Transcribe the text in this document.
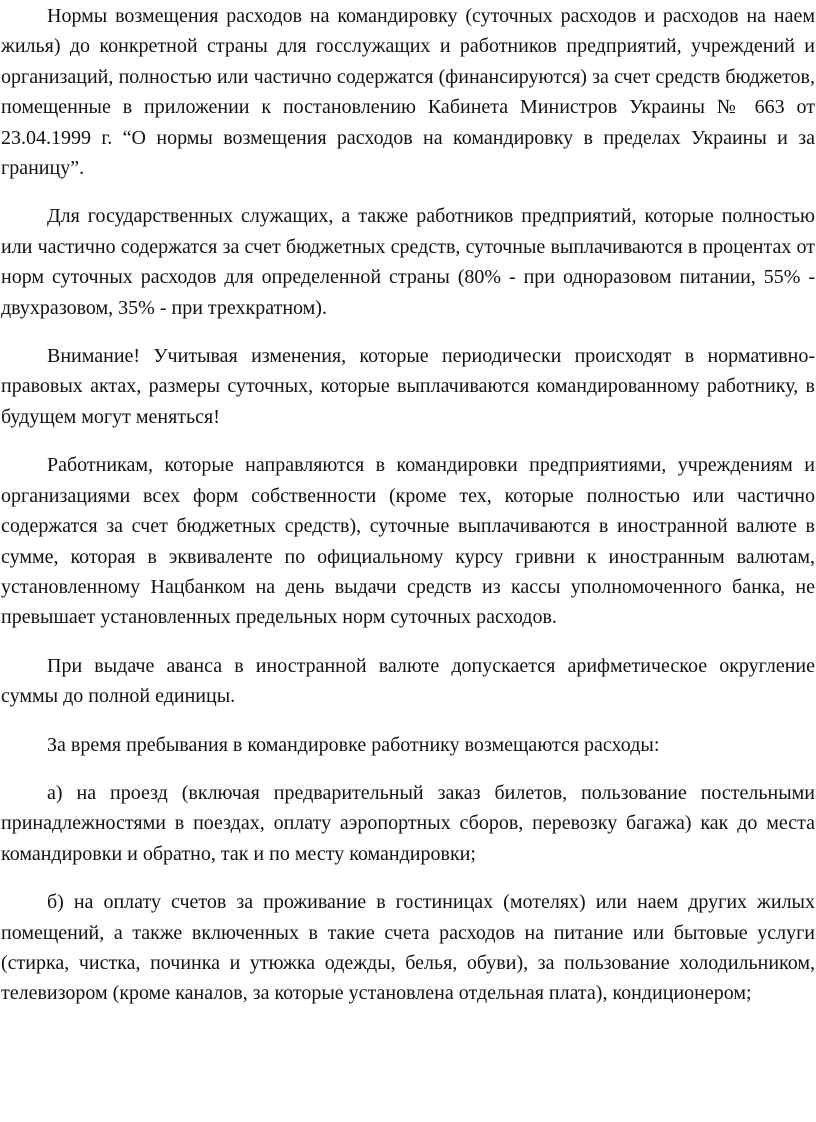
Нормы возмещения расходов на командировку (суточных расходов и расходов на наем жилья) до конкретной страны для госслужащих и работников предприятий, учреждений и организаций, полностью или частично содержатся (финансируются) за счет средств бюджетов, помещенные в приложении к постановлению Кабинета Министров Украины № 663 от 23.04.1999 г. “О нормы возмещения расходов на командировку в пределах Украины и за границу”.

Для государственных служащих, а также работников предприятий, которые полностью или частично содержатся за счет бюджетных средств, суточные выплачиваются в процентах от норм суточных расходов для определенной страны (80% - при одноразовом питании, 55% - двухразовом, 35% - при трехкратном).

Внимание! Учитывая изменения, которые периодически происходят в нормативно-правовых актах, размеры суточных, которые выплачиваются командированному работнику, в будущем могут меняться!

Работникам, которые направляются в командировки предприятиями, учреждениям и организациями всех форм собственности (кроме тех, которые полностью или частично содержатся за счет бюджетных средств), суточные выплачиваются в иностранной валюте в сумме, которая в эквиваленте по официальному курсу гривни к иностранным валютам, установленному Нацбанком на день выдачи средств из кассы уполномоченного банка, не превышает установленных предельных норм суточных расходов.

При выдаче аванса в иностранной валюте допускается арифметическое округление суммы до полной единицы.

За время пребывания в командировке работнику возмещаются расходы:

а) на проезд (включая предварительный заказ билетов, пользование постельными принадлежностями в поездах, оплату аэропортных сборов, перевозку багажа) как до места командировки и обратно, так и по месту командировки;

б) на оплату счетов за проживание в гостиницах (мотелях) или наем других жилых помещений, а также включенных в такие счета расходов на питание или бытовые услуги (стирка, чистка, починка и утюжка одежды, белья, обуви), за пользование холодильником, телевизором (кроме каналов, за которые установлена отдельная плата), кондиционером;
